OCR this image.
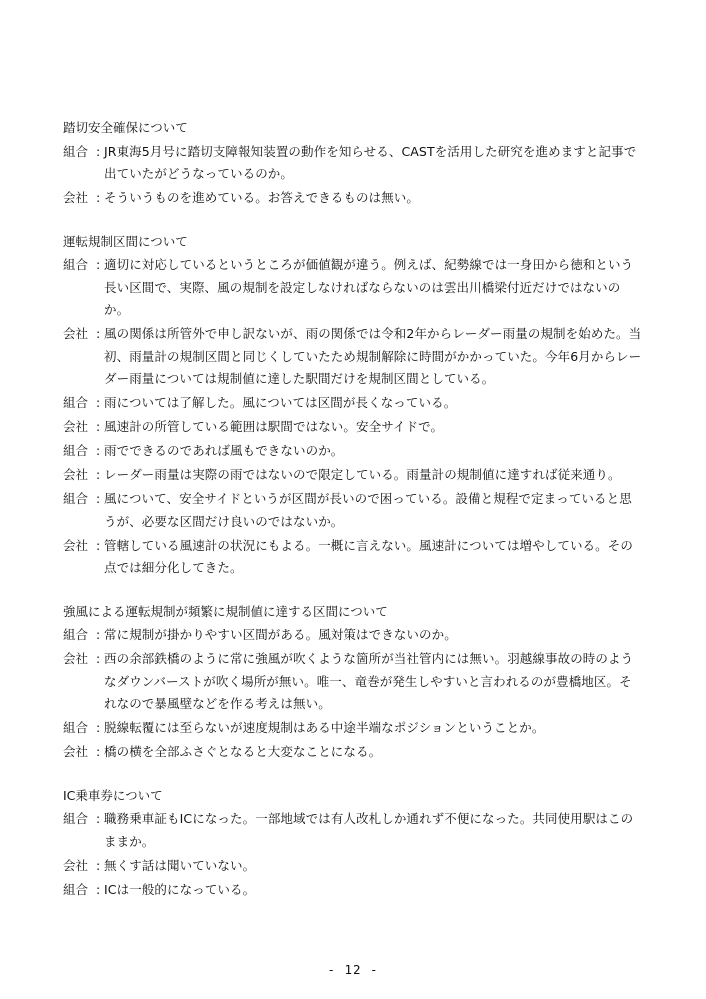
踏切安全確保について
組合 : JR東海5月号に踏切支障報知装置の動作を知らせる、CASTを活用した研究を進めますと記事で出ていたがどうなっているのか。
会社 : そういうものを進めている。お答えできるものは無い。
運転規制区間について
組合 : 適切に対応しているというところが価値観が違う。例えば、紀勢線では一身田から徳和という長い区間で、実際、風の規制を設定しなければならないのは雲出川橋梁付近だけではないのか。
会社 : 風の関係は所管外で申し訳ないが、雨の関係では令和2年からレーダー雨量の規制を始めた。当初、雨量計の規制区間と同じくしていたため規制解除に時間がかかっていた。今年6月からレーダー雨量については規制値に達した駅間だけを規制区間としている。
組合 : 雨については了解した。風については区間が長くなっている。
会社 : 風速計の所管している範囲は駅間ではない。安全サイドで。
組合 : 雨でできるのであれば風もできないのか。
会社 : レーダー雨量は実際の雨ではないので限定している。雨量計の規制値に達すれば従来通り。
組合 : 風について、安全サイドというが区間が長いので困っている。設備と規程で定まっていると思うが、必要な区間だけ良いのではないか。
会社 : 管轄している風速計の状況にもよる。一概に言えない。風速計については増やしている。その点では細分化してきた。
強風による運転規制が頻繁に規制値に達する区間について
組合 : 常に規制が掛かりやすい区間がある。風対策はできないのか。
会社 : 西の余部鉄橋のように常に強風が吹くような箇所が当社管内には無い。羽越線事故の時のようなダウンバーストが吹く場所が無い。唯一、竜巻が発生しやすいと言われるのが豊橋地区。それなので暴風壁などを作る考えは無い。
組合 : 脱線転覆には至らないが速度規制はある中途半端なポジションということか。
会社 : 橋の横を全部ふさぐとなると大変なことになる。
IC乗車券について
組合 : 職務乗車証もICになった。一部地域では有人改札しか通れず不便になった。共同使用駅はこのままか。
会社 : 無くす話は聞いていない。
組合 : ICは一般的になっている。
- 12 -
